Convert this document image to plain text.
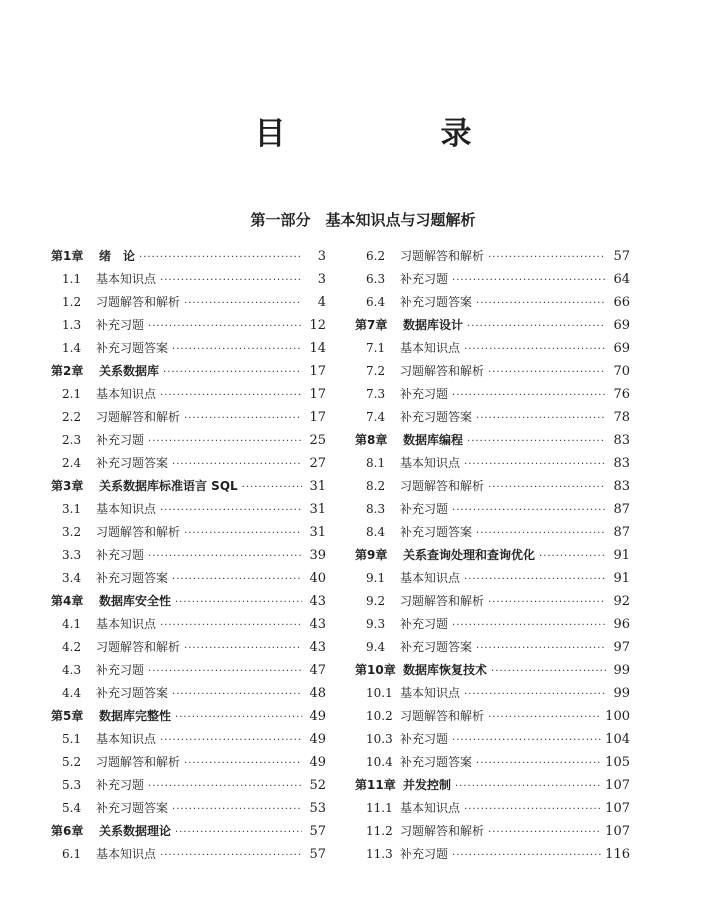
目　录
第一部分　基本知识点与习题解析
第1章	绪　论 ·····	3
1.1	基本知识点 ·····	3
1.2	习题解答和解析 ·····	4
1.3	补充习题 ·····	12
1.4	补充习题答案 ·····	14
第2章	关系数据库 ·····	17
2.1	基本知识点 ·····	17
2.2	习题解答和解析 ·····	17
2.3	补充习题 ·····	25
2.4	补充习题答案 ·····	27
第3章	关系数据库标准语言 SQL ·····	31
3.1	基本知识点 ·····	31
3.2	习题解答和解析 ·····	31
3.3	补充习题 ·····	39
3.4	补充习题答案 ·····	40
第4章	数据库安全性 ·····	43
4.1	基本知识点 ·····	43
4.2	习题解答和解析 ·····	43
4.3	补充习题 ·····	47
4.4	补充习题答案 ·····	48
第5章	数据库完整性 ·····	49
5.1	基本知识点 ·····	49
5.2	习题解答和解析 ·····	49
5.3	补充习题 ·····	52
5.4	补充习题答案 ·····	53
第6章	关系数据理论 ·····	57
6.1	基本知识点 ·····	57
6.2	习题解答和解析 ·····	57
6.3	补充习题 ·····	64
6.4	补充习题答案 ·····	66
第7章	数据库设计 ·····	69
7.1	基本知识点 ·····	69
7.2	习题解答和解析 ·····	70
7.3	补充习题 ·····	76
7.4	补充习题答案 ·····	78
第8章	数据库编程 ·····	83
8.1	基本知识点 ·····	83
8.2	习题解答和解析 ·····	83
8.3	补充习题 ·····	87
8.4	补充习题答案 ·····	87
第9章	关系查询处理和查询优化 ·····	91
9.1	基本知识点 ·····	91
9.2	习题解答和解析 ·····	92
9.3	补充习题 ·····	96
9.4	补充习题答案 ·····	97
第10章 数据库恢复技术 ·····	99
10.1 基本知识点 ·····	99
10.2 习题解答和解析 ·····	100
10.3 补充习题 ·····	104
10.4 补充习题答案 ·····	105
第11章 并发控制 ·····	107
11.1 基本知识点 ·····	107
11.2 习题解答和解析 ·····	107
11.3 补充习题 ·····	116
